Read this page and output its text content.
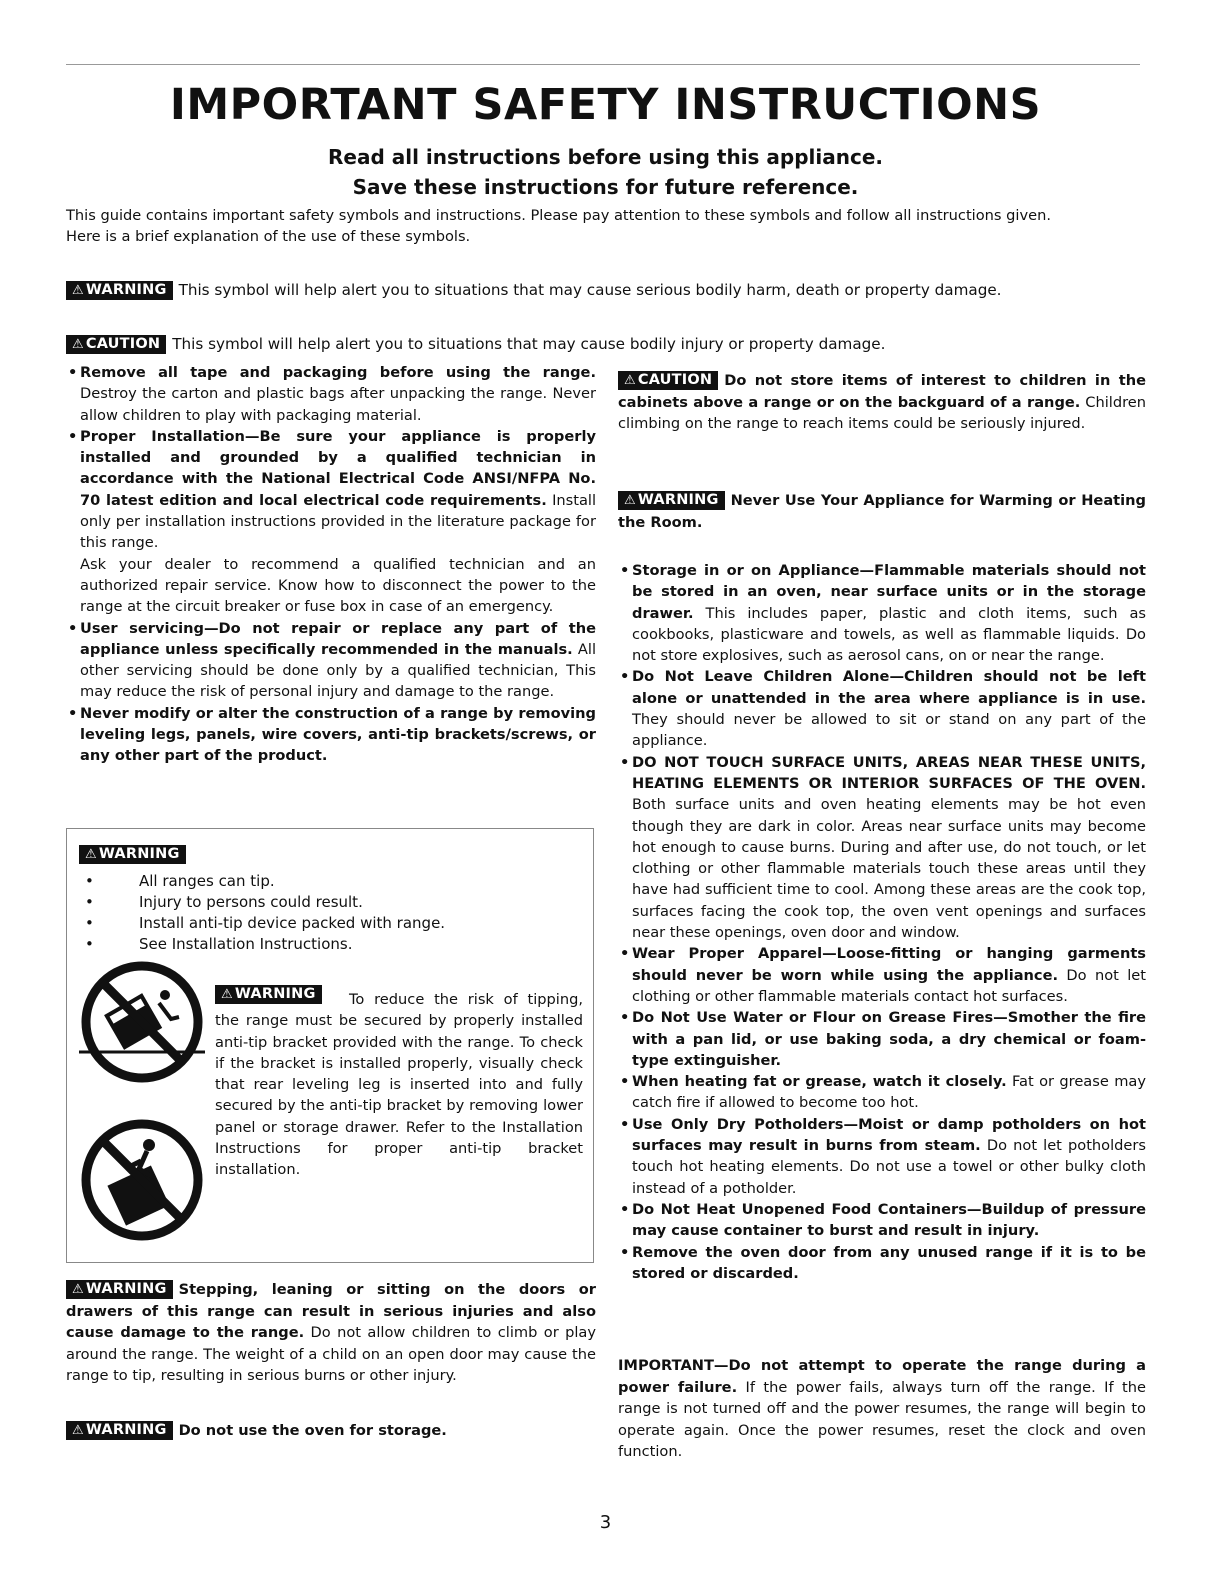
IMPORTANT SAFETY INSTRUCTIONS
Read all instructions before using this appliance.
Save these instructions for future reference.
This guide contains important safety symbols and instructions. Please pay attention to these symbols and follow all instructions given.
Here is a brief explanation of the use of these symbols.
⚠ WARNING This symbol will help alert you to situations that may cause serious bodily harm, death or property damage.
⚠ CAUTION This symbol will help alert you to situations that may cause bodily injury or property damage.
• Remove all tape and packaging before using the range. Destroy the carton and plastic bags after unpacking the range. Never allow children to play with packaging material.
• Proper Installation—Be sure your appliance is properly installed and grounded by a qualified technician in accordance with the National Electrical Code ANSI/NFPA No. 70 latest edition and local electrical code requirements. Install only per installation instructions provided in the literature package for this range.

Ask your dealer to recommend a qualified technician and an authorized repair service. Know how to disconnect the power to the range at the circuit breaker or fuse box in case of an emergency.

• User servicing—Do not repair or replace any part of the appliance unless specifically recommended in the manuals. All other servicing should be done only by a qualified technician, This may reduce the risk of personal injury and damage to the range.
• Never modify or alter the construction of a range by removing leveling legs, panels, wire covers, anti-tip brackets/screws, or any other part of the product.
⚠ WARNING
• All ranges can tip.
• Injury to persons could result.
• Install anti-tip device packed with range.
• See Installation Instructions.
⚠ WARNING	To reduce the risk of tipping, the range must be secured by properly installed anti-tip bracket provided with the range. To check if the bracket is installed properly, visually check that rear leveling leg is inserted into and fully secured by the anti-tip bracket by removing lower panel or storage drawer. Refer to the Installation Instructions for proper anti-tip bracket installation.
⚠ WARNING Stepping, leaning or sitting on the doors or drawers of this range can result in serious injuries and also cause damage to the range. Do not allow children to climb or play around the range. The weight of a child on an open door may cause the range to tip, resulting in serious burns or other injury.
⚠ WARNING Do not use the oven for storage.
⚠ CAUTION Do not store items of interest to children in the cabinets above a range or on the backguard of a range. Children climbing on the range to reach items could be seriously injured.
⚠ WARNING Never Use Your Appliance for Warming or Heating the Room.
• Storage in or on Appliance—Flammable materials should not be stored in an oven, near surface units or in the storage drawer. This includes paper, plastic and cloth items, such as cookbooks, plasticware and towels, as well as flammable liquids. Do not store explosives, such as aerosol cans, on or near the range.
• Do Not Leave Children Alone—Children should not be left alone or unattended in the area where appliance is in use. They should never be allowed to sit or stand on any part of the appliance.
• DO NOT TOUCH SURFACE UNITS, AREAS NEAR THESE UNITS, HEATING ELEMENTS OR INTERIOR SURFACES OF THE OVEN. Both surface units and oven heating elements may be hot even though they are dark in color. Areas near surface units may become hot enough to cause burns. During and after use, do not touch, or let clothing or other flammable materials touch these areas until they have had sufficient time to cool. Among these areas are the cook top, surfaces facing the cook top, the oven vent openings and surfaces near these openings, oven door and window.
• Wear Proper Apparel—Loose-fitting or hanging garments should never be worn while using the appliance. Do not let clothing or other flammable materials contact hot surfaces.
• Do Not Use Water or Flour on Grease Fires—Smother the fire with a pan lid, or use baking soda, a dry chemical or foam-type extinguisher.
• When heating fat or grease, watch it closely. Fat or grease may catch fire if allowed to become too hot.
• Use Only Dry Potholders—Moist or damp potholders on hot surfaces may result in burns from steam. Do not let potholders touch hot heating elements. Do not use a towel or other bulky cloth instead of a potholder.
• Do Not Heat Unopened Food Containers—Buildup of pressure may cause container to burst and result in injury.
• Remove the oven door from any unused range if it is to be stored or discarded.
IMPORTANT—Do not attempt to operate the range during a power failure. If the power fails, always turn off the range. If the range is not turned off and the power resumes, the range will begin to operate again. Once the power resumes, reset the clock and oven function.
3
